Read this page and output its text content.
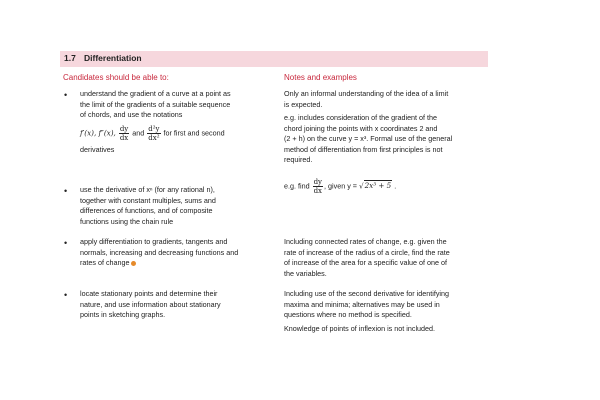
1.7 Differentiation
Candidates should be able to:	Notes and examples
• understand the gradient of a curve at a point as
the limit of the gradients of a suitable sequence
of chords, and use the notations
f′(x), f″(x), $\frac{dy}{dx}$ and $\frac{\text{d²y}}{\text{dx²}}$ for first and second
derivatives
Only an informal understanding of the idea of a limit
is expected.
e.g. includes consideration of the gradient of the
chord joining the points with x coordinates 2 and
(2 + h) on the curve y = x³. Formal use of the general
method of differentiation from first principles is not
required.
• use the derivative of xⁿ (for any rational n),
together with constant multiples, sums and
differences of functions, and of composite
functions using the chain rule
e.g. find $\frac{dy}{dx}$ , given y = √2x³ + 5 .
• apply differentiation to gradients, tangents and
normals, increasing and decreasing functions and
rates of change
Including connected rates of change, e.g. given the
rate of increase of the radius of a circle, find the rate
of increase of the area for a specific value of one of
the variables.
• locate stationary points and determine their
nature, and use information about stationary
points in sketching graphs.
Including use of the second derivative for identifying
maxima and minima; alternatives may be used in
questions where no method is specified.
Knowledge of points of inflexion is not included.
